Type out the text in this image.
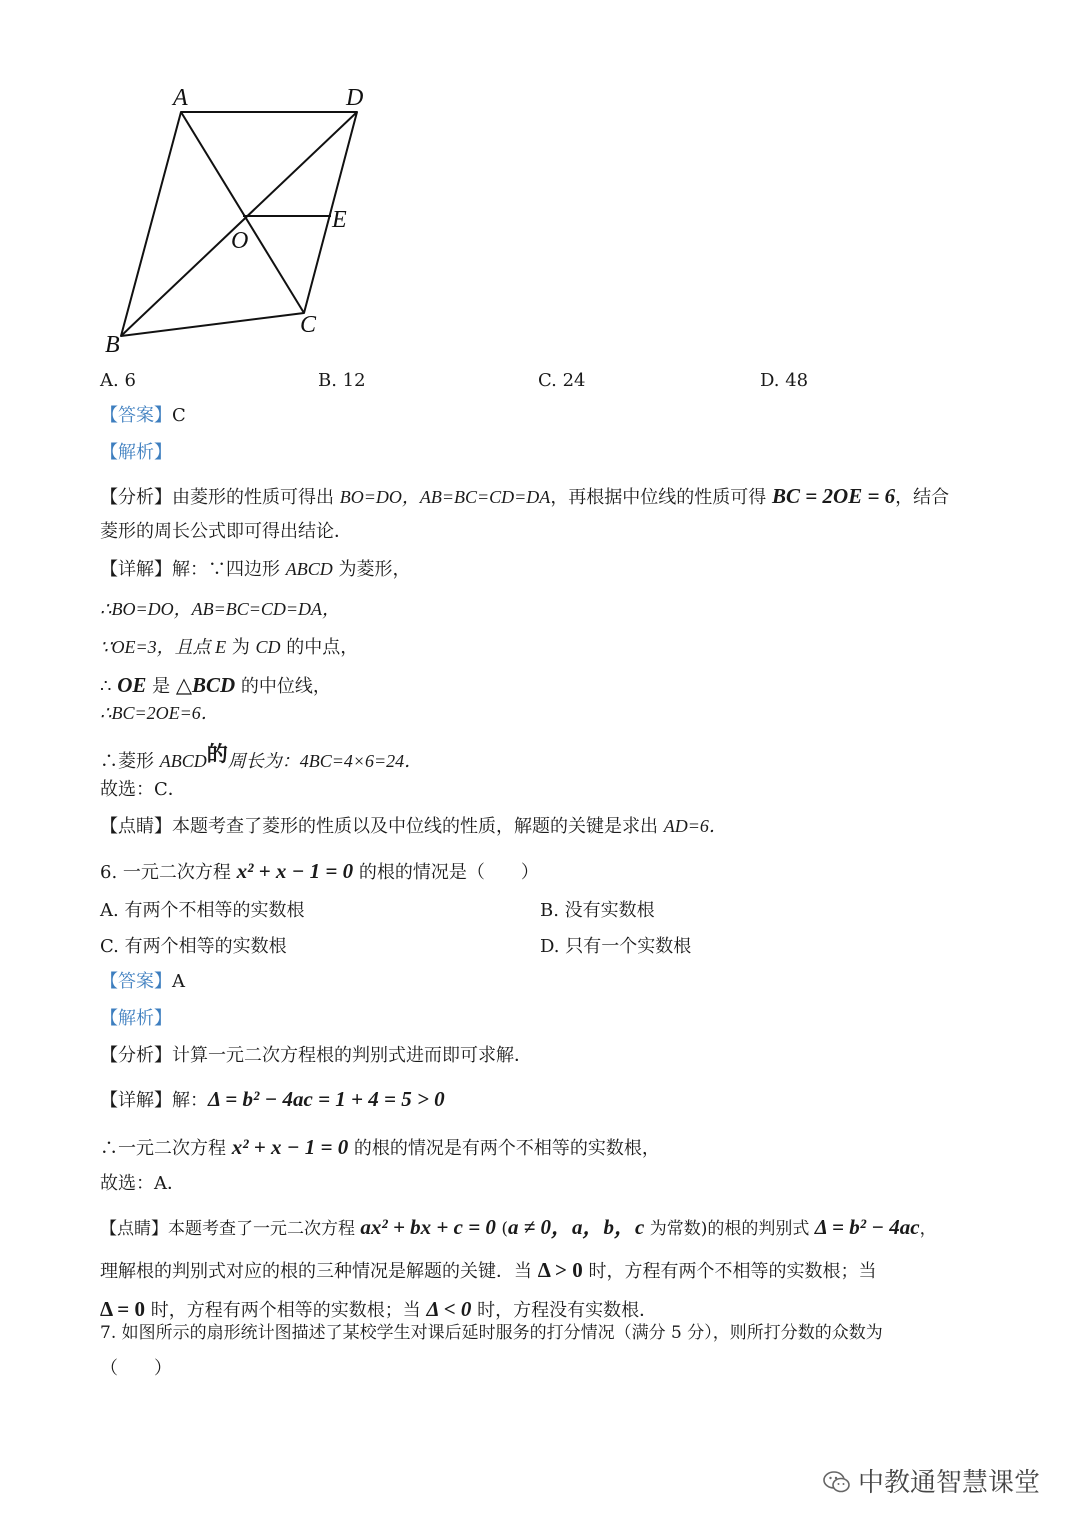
A	D
B
C
O
E
A. 6	B. 12	C. 24	D. 48
【答案】C
【解析】
【分析】由菱形的性质可得出 BO=DO，AB=BC=CD=DA，再根据中位线的性质可得 BC = 2OE = 6，结合
菱形的周长公式即可得出结论．
【详解】解：∵四边形 ABCD 为菱形，
∴BO=DO，AB=BC=CD=DA，
∵OE=3，且点 E 为 CD 的中点，
∴ OE 是 △BCD 的中位线，
∴BC=2OE=6．
∴菱形 ABCD的周长为：4BC=4×6=24．
故选：C．
【点睛】本题考查了菱形的性质以及中位线的性质，解题的关键是求出 AD=6．
6. 一元二次方程 x² + x − 1 = 0 的根的情况是（　　）
A. 有两个不相等的实数根	B. 没有实数根
C. 有两个相等的实数根	D. 只有一个实数根
【答案】A
【解析】
【分析】计算一元二次方程根的判别式进而即可求解．
【详解】解：Δ = b² − 4ac = 1 + 4 = 5 > 0
∴一元二次方程 x² + x − 1 = 0 的根的情况是有两个不相等的实数根，
故选：A．
【点睛】本题考查了一元二次方程 ax² + bx + c = 0 (a ≠ 0，a，b，c 为常数)的根的判别式 Δ = b² − 4ac，
理解根的判别式对应的根的三种情况是解题的关键．当 Δ > 0 时，方程有两个不相等的实数根；当
Δ = 0 时，方程有两个相等的实数根；当 Δ < 0 时，方程没有实数根．
7. 如图所示的扇形统计图描述了某校学生对课后延时服务的打分情况（满分 5 分），则所打分数的众数为
（　　）
中教通智慧课堂
